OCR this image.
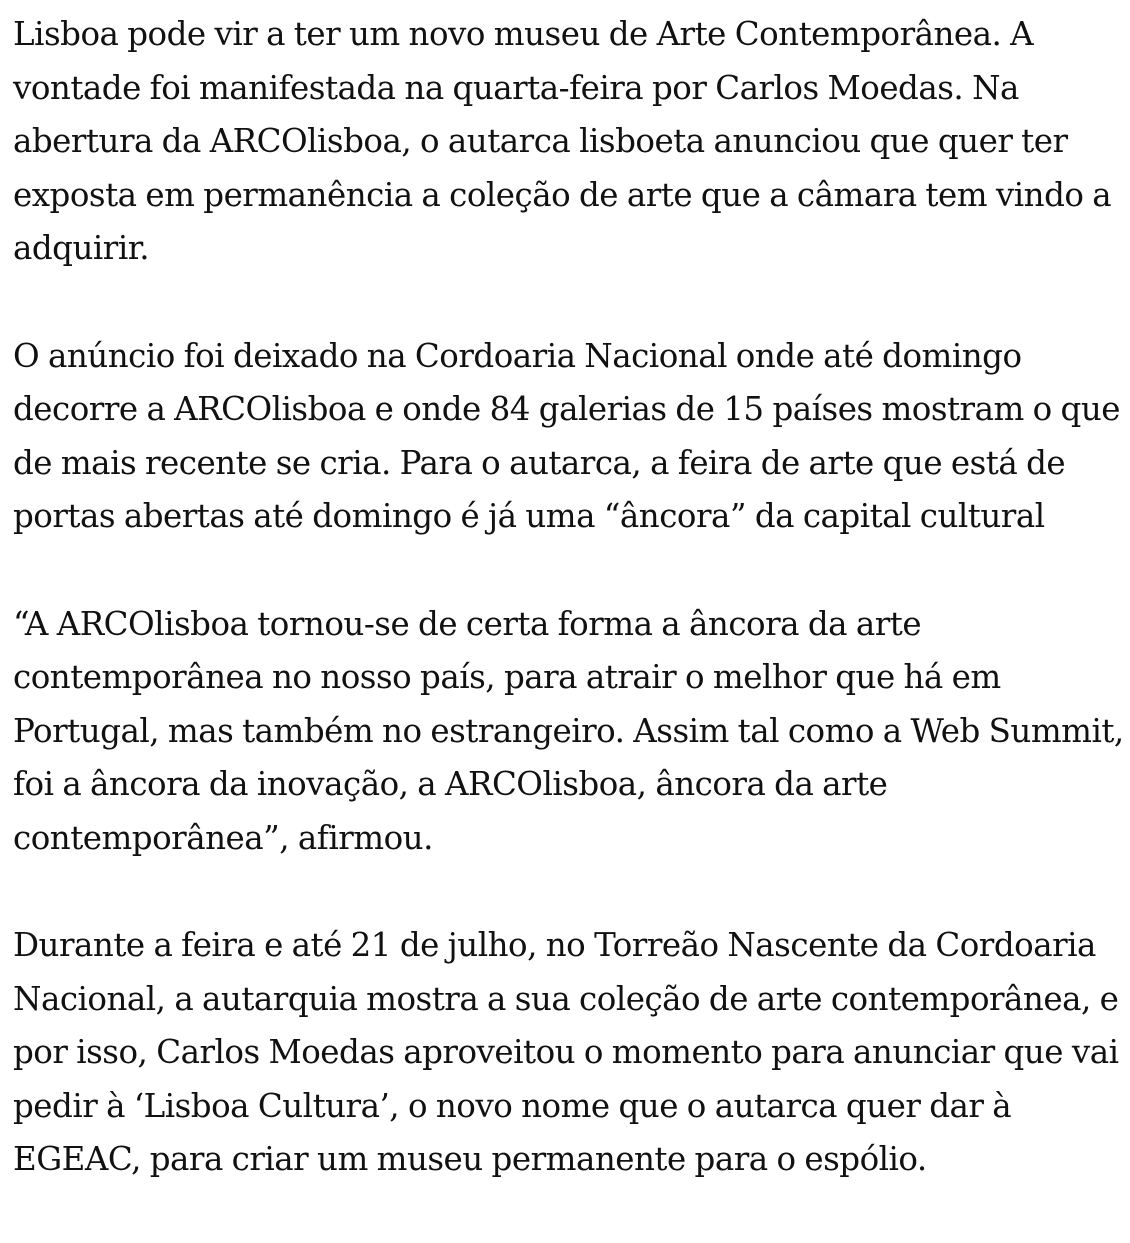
Lisboa pode vir a ter um novo museu de Arte Contemporânea. A vontade foi manifestada na quarta-feira por Carlos Moedas. Na abertura da ARCOlisboa, o autarca lisboeta anunciou que quer ter exposta em permanência a coleção de arte que a câmara tem vindo a adquirir.

O anúncio foi deixado na Cordoaria Nacional onde até domingo decorre a ARCOlisboa e onde 84 galerias de 15 países mostram o que de mais recente se cria. Para o autarca, a feira de arte que está de portas abertas até domingo é já uma “âncora” da capital cultural

“A ARCOlisboa tornou-se de certa forma a âncora da arte contemporânea no nosso país, para atrair o melhor que há em Portugal, mas também no estrangeiro. Assim tal como a Web Summit, foi a âncora da inovação, a ARCOlisboa, âncora da arte contemporânea”, afirmou.

Durante a feira e até 21 de julho, no Torreão Nascente da Cordoaria Nacional, a autarquia mostra a sua coleção de arte contemporânea, e por isso, Carlos Moedas aproveitou o momento para anunciar que vai pedir à ‘Lisboa Cultura’, o novo nome que o autarca quer dar à EGEAC, para criar um museu permanente para o espólio.
